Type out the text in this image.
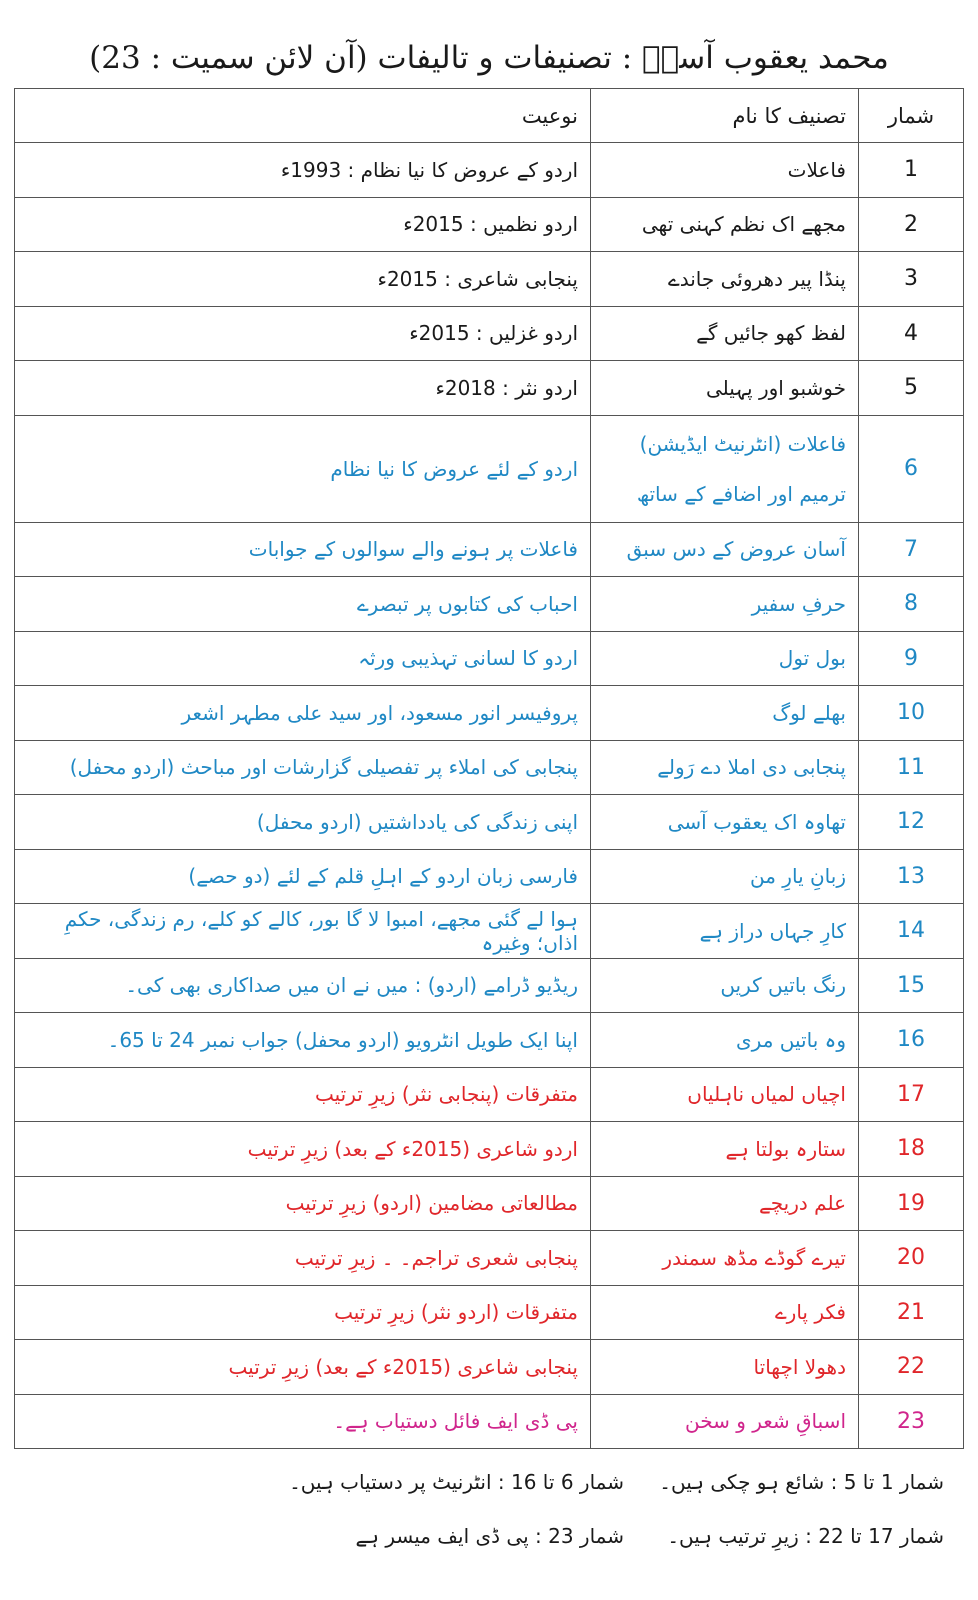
محمد یعقوب آسیؔ : تصنیفات و تالیفات (آن لائن سمیت : 23)
شمار	تصنیف کا نام	نوعیت
1	فاعلات	اردو کے عروض کا نیا نظام : 1993ء
2	مجھے اک نظم کہنی تھی	اردو نظمیں : 2015ء
3	پنڈا پیر دھروئی جاندے	پنجابی شاعری : 2015ء
4	لفظ کھو جائیں گے	اردو غزلیں : 2015ء
5	خوشبو اور پہیلی	اردو نثر : 2018ء
6	فاعلات (انٹرنیٹ ایڈیشن) ترمیم اور اضافے کے ساتھ	اردو کے لئے عروض کا نیا نظام
7	آسان عروض کے دس سبق	فاعلات پر ہونے والے سوالوں کے جوابات
8	حرفِ سفیر	احباب کی کتابوں پر تبصرے
9	بول تول	اردو کا لسانی تہذیبی ورثہ
10	بھلے لوگ	پروفیسر انور مسعود، اور سید علی مطہر اشعر
11	پنجابی دی املا دے رَولے	پنجابی کی املاء پر تفصیلی گزارشات اور مباحث (اردو محفل)
12	تھاوہ اک یعقوب آسی	اپنی زندگی کی یادداشتیں (اردو محفل)
13	زبانِ یارِ من	فارسی زبان اردو کے اہلِ قلم کے لئے (دو حصے)
14	کارِ جہاں دراز ہے	ہوا لے گئی مجھے، امبوا لا گا بور، کالے کو کلے، رم زندگی، حکمِ اذاں؛ وغیرہ
15	رنگ باتیں کریں	ریڈیو ڈرامے (اردو) : میں نے ان میں صداکاری بھی کی۔
16	وہ باتیں مری	اپنا ایک طویل انٹرویو (اردو محفل) جواب نمبر 24 تا 65۔
17	اچیاں لمیاں ناہلیاں	متفرقات (پنجابی نثر) زیرِ ترتیب
18	ستارہ بولتا ہے	اردو شاعری (2015ء کے بعد) زیرِ ترتیب
19	علم دریچے	مطالعاتی مضامین (اردو) زیرِ ترتیب
20	تیرے گوڈے مڈھ سمندر	پنجابی شعری تراجم۔ ۔ زیرِ ترتیب
21	فکر پارے	متفرقات (اردو نثر) زیرِ ترتیب
22	دھولا اچھاتا	پنجابی شاعری (2015ء کے بعد) زیرِ ترتیب
23	اسباقِ شعر و سخن	پی ڈی ایف فائل دستیاب ہے۔
شمار 1 تا 5 : شائع ہو چکی ہیں۔
شمار 6 تا 16 : انٹرنیٹ پر دستیاب ہیں۔
شمار 17 تا 22 : زیرِ ترتیب ہیں۔
شمار 23 : پی ڈی ایف میسر ہے
